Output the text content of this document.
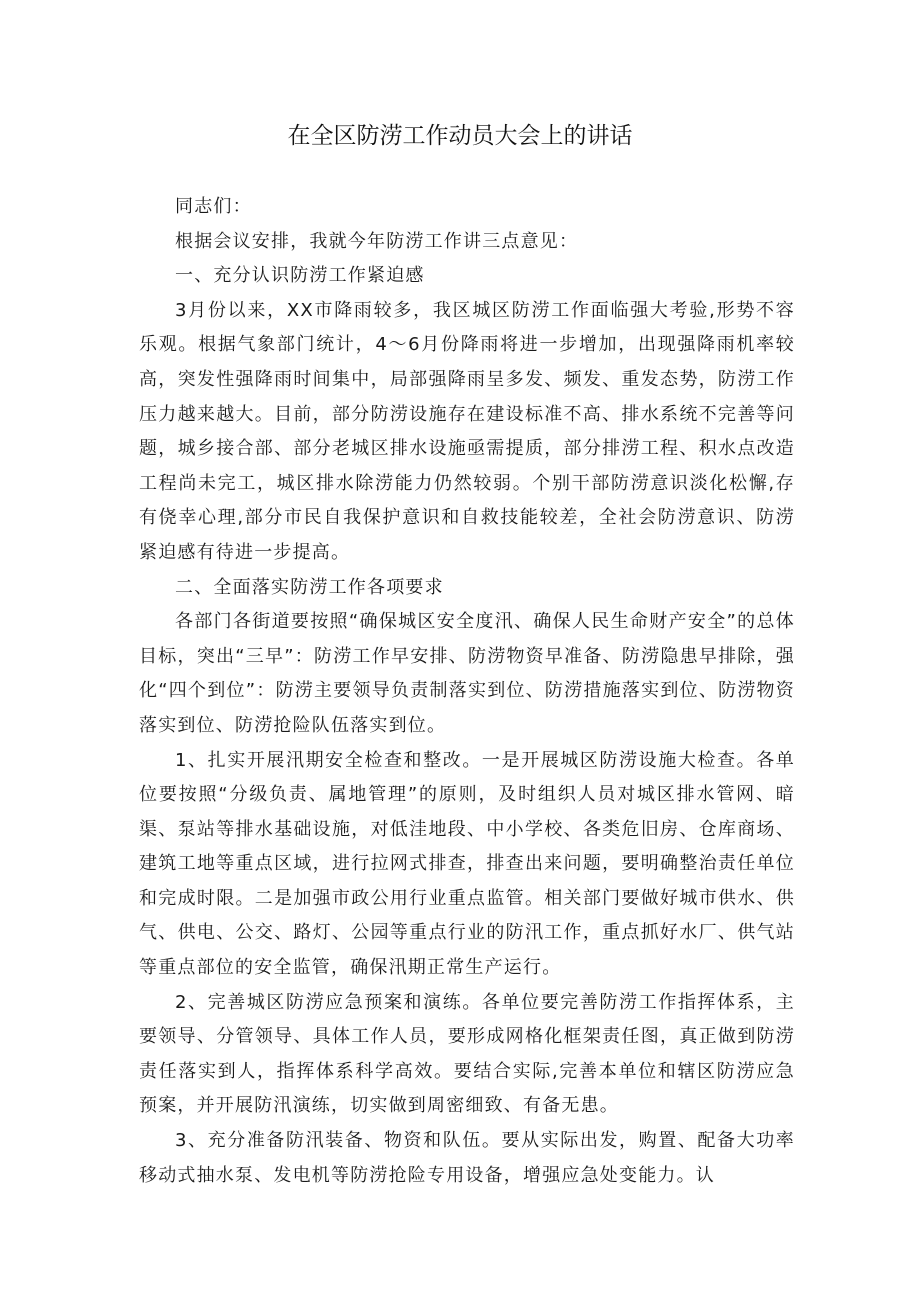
在全区防涝工作动员大会上的讲话

同志们：

根据会议安排，我就今年防涝工作讲三点意见：

一、充分认识防涝工作紧迫感

3月份以来，XX市降雨较多，我区城区防涝工作面临强大考验,形势不容乐观。根据气象部门统计，4～6月份降雨将进一步增加，出现强降雨机率较高，突发性强降雨时间集中，局部强降雨呈多发、频发、重发态势，防涝工作压力越来越大。目前，部分防涝设施存在建设标准不高、排水系统不完善等问题，城乡接合部、部分老城区排水设施亟需提质，部分排涝工程、积水点改造工程尚未完工，城区排水除涝能力仍然较弱。个别干部防涝意识淡化松懈,存有侥幸心理,部分市民自我保护意识和自救技能较差，全社会防涝意识、防涝紧迫感有待进一步提高。

二、全面落实防涝工作各项要求

各部门各街道要按照“确保城区安全度汛、确保人民生命财产安全”的总体目标，突出“三早”：防涝工作早安排、防涝物资早准备、防涝隐患早排除，强化“四个到位”：防涝主要领导负责制落实到位、防涝措施落实到位、防涝物资落实到位、防涝抢险队伍落实到位。

1、扎实开展汛期安全检查和整改。一是开展城区防涝设施大检查。各单位要按照“分级负责、属地管理”的原则，及时组织人员对城区排水管网、暗渠、泵站等排水基础设施，对低洼地段、中小学校、各类危旧房、仓库商场、建筑工地等重点区域，进行拉网式排查，排查出来问题，要明确整治责任单位和完成时限。二是加强市政公用行业重点监管。相关部门要做好城市供水、供气、供电、公交、路灯、公园等重点行业的防汛工作，重点抓好水厂、供气站等重点部位的安全监管，确保汛期正常生产运行。

2、完善城区防涝应急预案和演练。各单位要完善防涝工作指挥体系，主要领导、分管领导、具体工作人员，要形成网格化框架责任图，真正做到防涝责任落实到人，指挥体系科学高效。要结合实际,完善本单位和辖区防涝应急预案，并开展防汛演练，切实做到周密细致、有备无患。

3、充分准备防汛装备、物资和队伍。要从实际出发，购置、配备大功率移动式抽水泵、发电机等防涝抢险专用设备，增强应急处变能力。认
